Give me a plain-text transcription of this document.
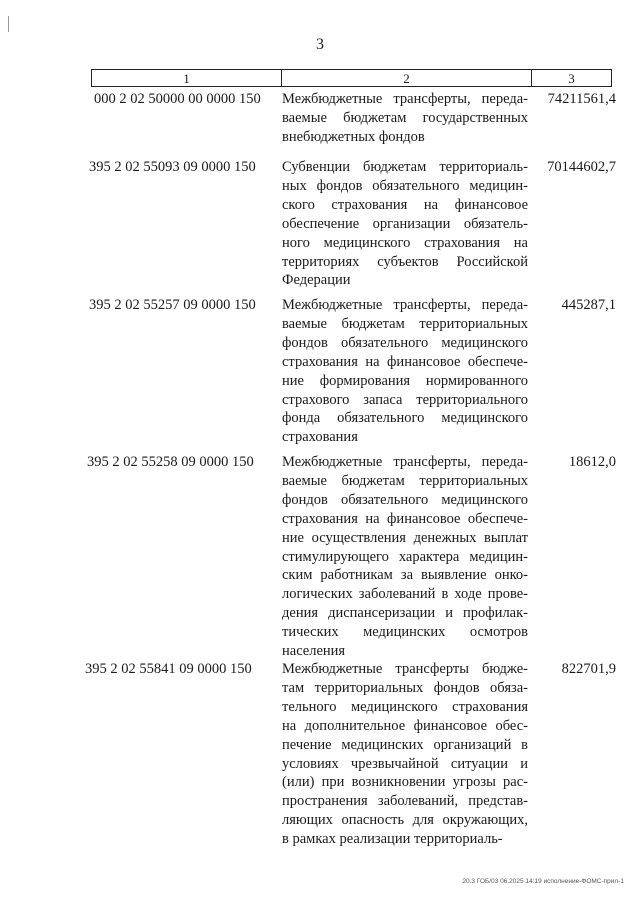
3
1	2	3
000 2 02 50000 00 0000 150 Межбюджетные трансферты, переда-
ваемые бюджетам государственных
внебюджетных фондов
74211561,4
395 2 02 55093 09 0000 150 Субвенции бюджетам территориаль-
ных фондов обязательного медицин-
ского страхования на финансовое
обеспечение организации обязатель-
ного медицинского страхования на
территориях субъектов Российской
Федерации
70144602,7
395 2 02 55257 09 0000 150 Межбюджетные трансферты, переда-
ваемые бюджетам территориальных
фондов обязательного медицинского
страхования на финансовое обеспече-
ние формирования нормированного
страхового запаса территориального
фонда обязательного медицинского
страхования
445287,1
395 2 02 55258 09 0000 150 Межбюджетные трансферты, переда-
ваемые бюджетам территориальных
фондов обязательного медицинского
страхования на финансовое обеспече-
ние осуществления денежных выплат
стимулирующего характера медицин-
ским работникам за выявление онко-
логических заболеваний в ходе прове-
дения диспансеризации и профилак-
тических медицинских осмотров
населения
18612,0
395 2 02 55841 09 0000 150 Межбюджетные трансферты бюдже-
там территориальных фондов обяза-
тельного медицинского страхования
на дополнительное финансовое обес-
печение медицинских организаций в
условиях чрезвычайной ситуации и
(или) при возникновении угрозы рас-
пространения заболеваний, представ-
ляющих опасность для окружающих,
в рамках реализации территориаль-
822701,9
20.3 ГОБ/03 06.2025 14:19 исполнение-ФОМС-прил-1
